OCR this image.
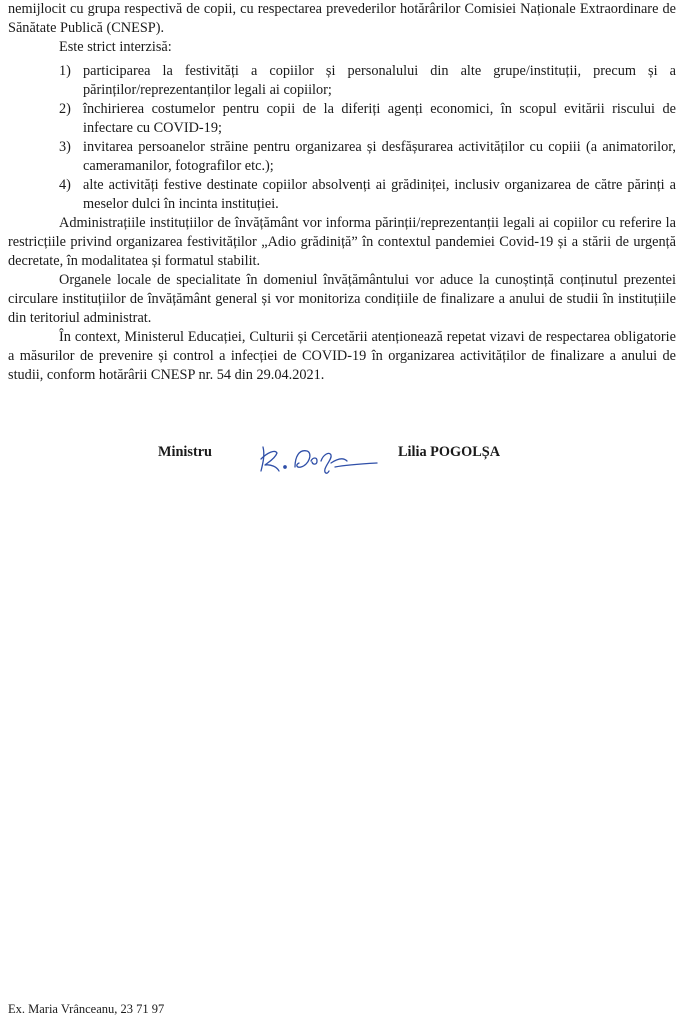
nemijlocit cu grupa respectivă de copii, cu respectarea prevederilor hotărârilor Comisiei Naționale Extraordinare de Sănătate Publică (CNESP).

Este strict interzisă:

1) participarea la festivități a copiilor și personalului din alte grupe/instituții, precum și a părinților/reprezentanților legali ai copiilor;
2) închirierea costumelor pentru copii de la diferiți agenți economici, în scopul evitării riscului de infectare cu COVID-19;
3) invitarea persoanelor străine pentru organizarea și desfășurarea activităților cu copiii (a animatorilor, cameramanilor, fotografilor etc.);
4) alte activități festive destinate copiilor absolvenți ai grădiniței, inclusiv organizarea de către părinți a meselor dulci în incinta instituției.

Administrațiile instituțiilor de învățământ vor informa părinții/reprezentanții legali ai copiilor cu referire la restricțiile privind organizarea festivităților „Adio grădiniță” în contextul pandemiei Covid-19 și a stării de urgență decretate, în modalitatea și formatul stabilit.

Organele locale de specialitate în domeniul învățământului vor aduce la cunoștință conținutul prezentei circulare instituțiilor de învățământ general și vor monitoriza condițiile de finalizare a anului de studii în instituțiile din teritoriul administrat.

În context, Ministerul Educației, Culturii și Cercetării atenționează repetat vizavi de respectarea obligatorie a măsurilor de prevenire și control a infecției de COVID-19 în organizarea activităților de finalizare a anului de studii, conform hotărârii CNESP nr. 54 din 29.04.2021.

Ministru	Lilia POGOLȘA
Ex. Maria Vrânceanu, 23 71 97
